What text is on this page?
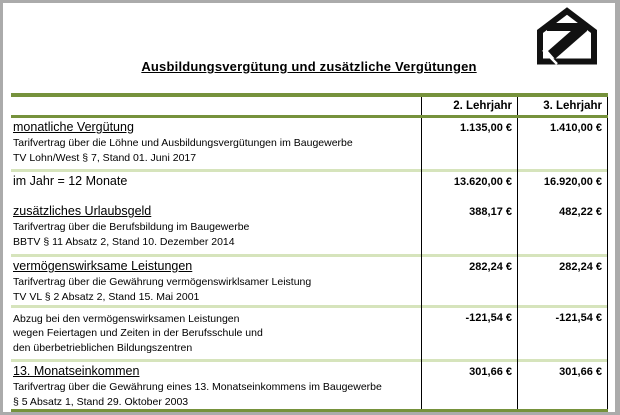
Ausbildungsvergütung und zusätzliche Vergütungen
2. Lehrjahr	3. Lehrjahr
monatliche Vergütung
Tarifvertrag über die Löhne und Ausbildungsvergütungen im Baugewerbe
TV Lohn/West § 7, Stand 01. Juni 2017
1.135,00 €	1.410,00 €
im Jahr = 12 Monate	13.620,00 €	16.920,00 €
zusätzliches Urlaubsgeld
Tarifvertrag über die Berufsbildung im Baugewerbe
BBTV § 11 Absatz 2, Stand 10. Dezember 2014
388,17 €	482,22 €
vermögenswirksame Leistungen
Tarifvertrag über die Gewährung vermögenswirklsamer Leistung
TV VL § 2 Absatz 2, Stand 15. Mai 2001
282,24 €	282,24 €
Abzug bei den vermögenswirksamen Leistungen
wegen Feiertagen und Zeiten in der Berufsschule und
den überbetrieblichen Bildungszentren
-121,54 €	-121,54 €
13. Monatseinkommen
Tarifvertrag über die Gewährung eines 13. Monatseinkommens im Baugewerbe
§ 5 Absatz 1, Stand 29. Oktober 2003
301,66 €	301,66 €
